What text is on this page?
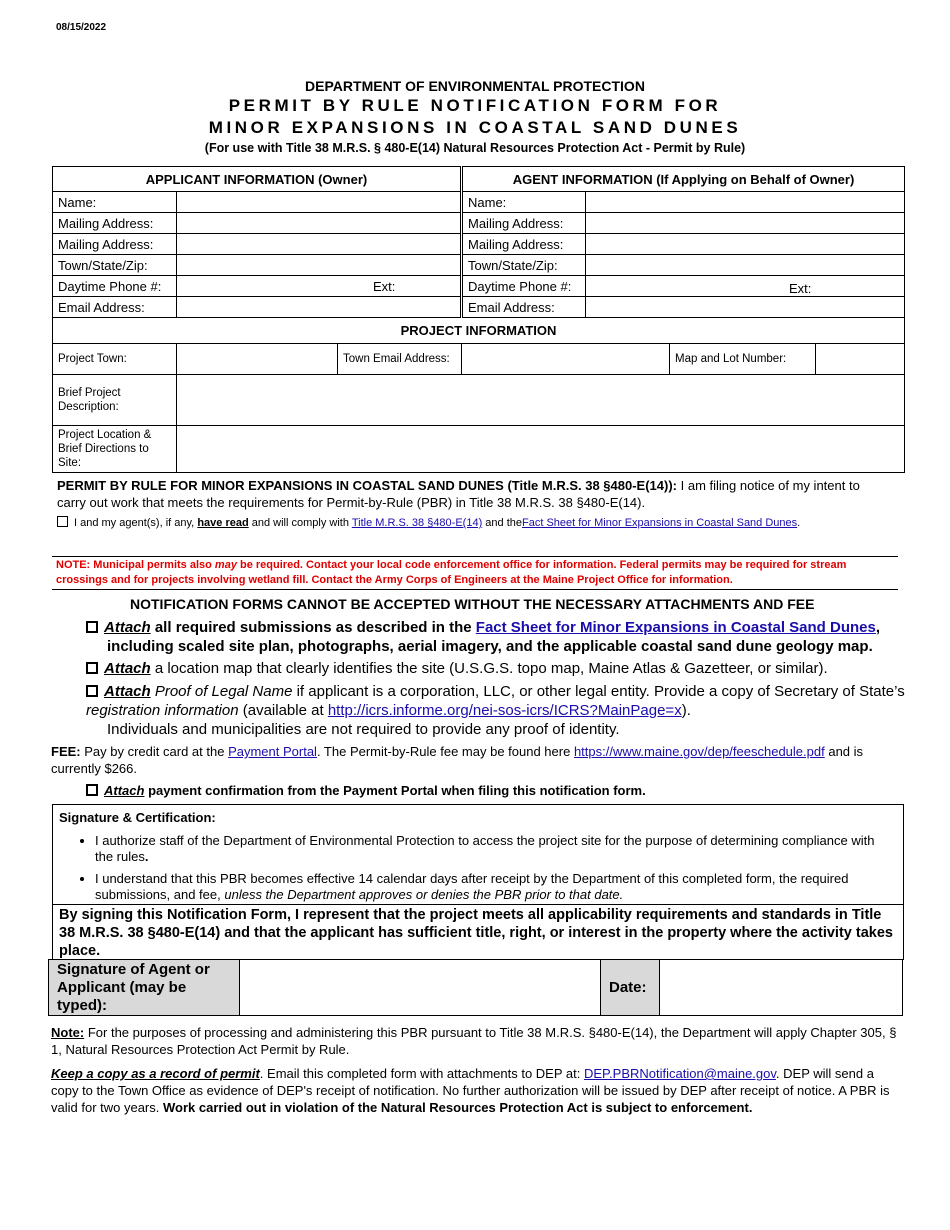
08/15/2022
DEPARTMENT OF ENVIRONMENTAL PROTECTION
PERMIT BY RULE NOTIFICATION FORM FOR
MINOR EXPANSIONS IN COASTAL SAND DUNES
(For use with Title 38 M.R.S. § 480-E(14) Natural Resources Protection Act - Permit by Rule)
APPLICANT INFORMATION (Owner)			AGENT INFORMATION (If Applying on Behalf of Owner)			
Name:			Name:			
Mailing Address:			Mailing Address:			
Mailing Address:			Mailing Address:			
Town/State/Zip:			Town/State/Zip:			
Daytime Phone #:	Ext:		Daytime Phone #:	Ext:		

Email Address:			Email Address:			
PROJECT INFORMATION						
Project Town:		Town Email Address:			Map and Lot Number:	
Brief Project Description:						
Project Location & Brief Directions to Site:						
PERMIT BY RULE FOR MINOR EXPANSIONS IN COASTAL SAND DUNES (Title M.R.S. 38 §480-E(14)): I am filing notice of my intent to carry out work that meets the requirements for Permit-by-Rule (PBR) in Title 38 M.R.S. 38 §480-E(14).
I and my agent(s), if any, have read and will comply with Title M.R.S. 38 §480-E(14) and theFact Sheet for Minor Expansions in Coastal Sand Dunes.
NOTE: Municipal permits also may be required. Contact your local code enforcement office for information. Federal permits may be required for stream crossings and for projects involving wetland fill. Contact the Army Corps of Engineers at the Maine Project Office for information.
NOTIFICATION FORMS CANNOT BE ACCEPTED WITHOUT THE NECESSARY ATTACHMENTS AND FEE
Attach all required submissions as described in the Fact Sheet for Minor Expansions in Coastal Sand Dunes,
including scaled site plan, photographs, aerial imagery, and the applicable coastal sand dune geology map.
Attach a location map that clearly identifies the site (U.S.G.S. topo map, Maine Atlas & Gazetteer, or similar).
Attach Proof of Legal Name if applicant is a corporation, LLC, or other legal entity. Provide a copy of Secretary of State’s registration information (available at http://icrs.informe.org/nei-sos-icrs/ICRS?MainPage=x).
Individuals and municipalities are not required to provide any proof of identity.
FEE: Pay by credit card at the Payment Portal. The Permit-by-Rule fee may be found here https://www.maine.gov/dep/feeschedule.pdf and is currently $266.
Attach payment confirmation from the Payment Portal when filing this notification form.
Signature & Certification:
• I authorize staff of the Department of Environmental Protection to access the project site for the purpose of determining compliance with the rules.
• I understand that this PBR becomes effective 14 calendar days after receipt by the Department of this completed form, the required submissions, and fee, unless the Department approves or denies the PBR prior to that date.
By signing this Notification Form, I represent that the project meets all applicability requirements and standards in Title 38 M.R.S. 38 §480-E(14) and that the applicant has sufficient title, right, or interest in the property where the activity takes place.
Signature of Agent or Applicant (may be typed):		Date:	
Note: For the purposes of processing and administering this PBR pursuant to Title 38 M.R.S. §480-E(14), the Department will apply Chapter 305, § 1, Natural Resources Protection Act Permit by Rule.
Keep a copy as a record of permit. Email this completed form with attachments to DEP at: DEP.PBRNotification@maine.gov. DEP will send a copy to the Town Office as evidence of DEP's receipt of notification. No further authorization will be issued by DEP after receipt of notice. A PBR is valid for two years. Work carried out in violation of the Natural Resources Protection Act is subject to enforcement.
